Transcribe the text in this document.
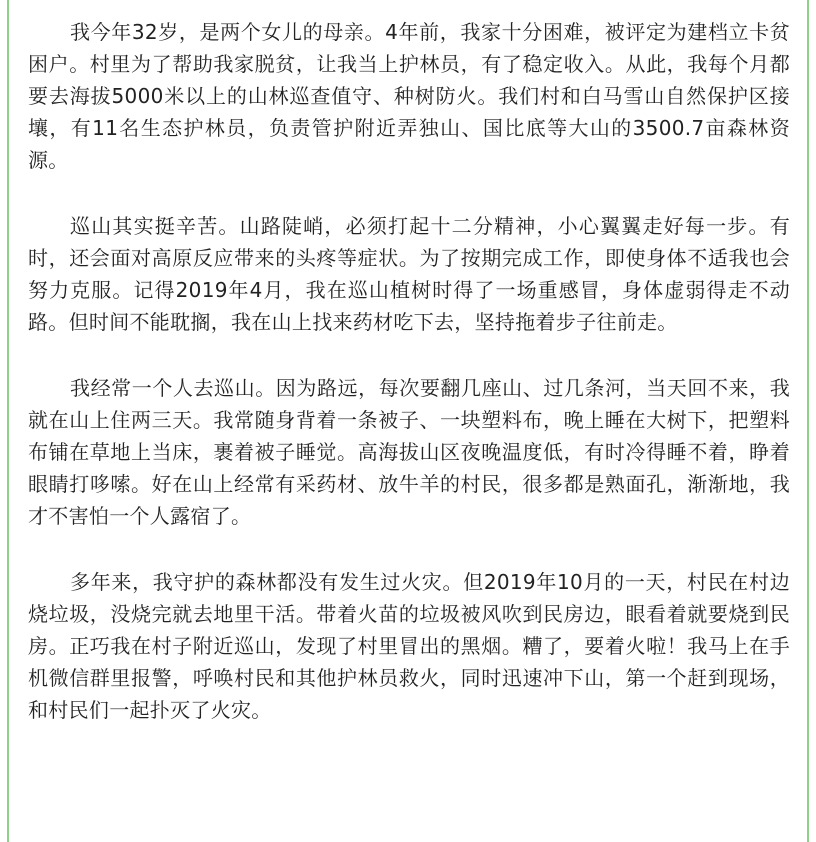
我今年32岁，是两个女儿的母亲。4年前，我家十分困难，被评定为建档立卡贫困户。村里为了帮助我家脱贫，让我当上护林员，有了稳定收入。从此，我每个月都要去海拔5000米以上的山林巡查值守、种树防火。我们村和白马雪山自然保护区接壤，有11名生态护林员，负责管护附近弄独山、国比底等大山的3500.7亩森林资源。

巡山其实挺辛苦。山路陡峭，必须打起十二分精神，小心翼翼走好每一步。有时，还会面对高原反应带来的头疼等症状。为了按期完成工作，即使身体不适我也会努力克服。记得2019年4月，我在巡山植树时得了一场重感冒，身体虚弱得走不动路。但时间不能耽搁，我在山上找来药材吃下去，坚持拖着步子往前走。

我经常一个人去巡山。因为路远，每次要翻几座山、过几条河，当天回不来，我就在山上住两三天。我常随身背着一条被子、一块塑料布，晚上睡在大树下，把塑料布铺在草地上当床，裹着被子睡觉。高海拔山区夜晚温度低，有时冷得睡不着，睁着眼睛打哆嗦。好在山上经常有采药材、放牛羊的村民，很多都是熟面孔，渐渐地，我才不害怕一个人露宿了。

多年来，我守护的森林都没有发生过火灾。但2019年10月的一天，村民在村边烧垃圾，没烧完就去地里干活。带着火苗的垃圾被风吹到民房边，眼看着就要烧到民房。正巧我在村子附近巡山，发现了村里冒出的黑烟。糟了，要着火啦！我马上在手机微信群里报警，呼唤村民和其他护林员救火，同时迅速冲下山，第一个赶到现场，和村民们一起扑灭了火灾。
